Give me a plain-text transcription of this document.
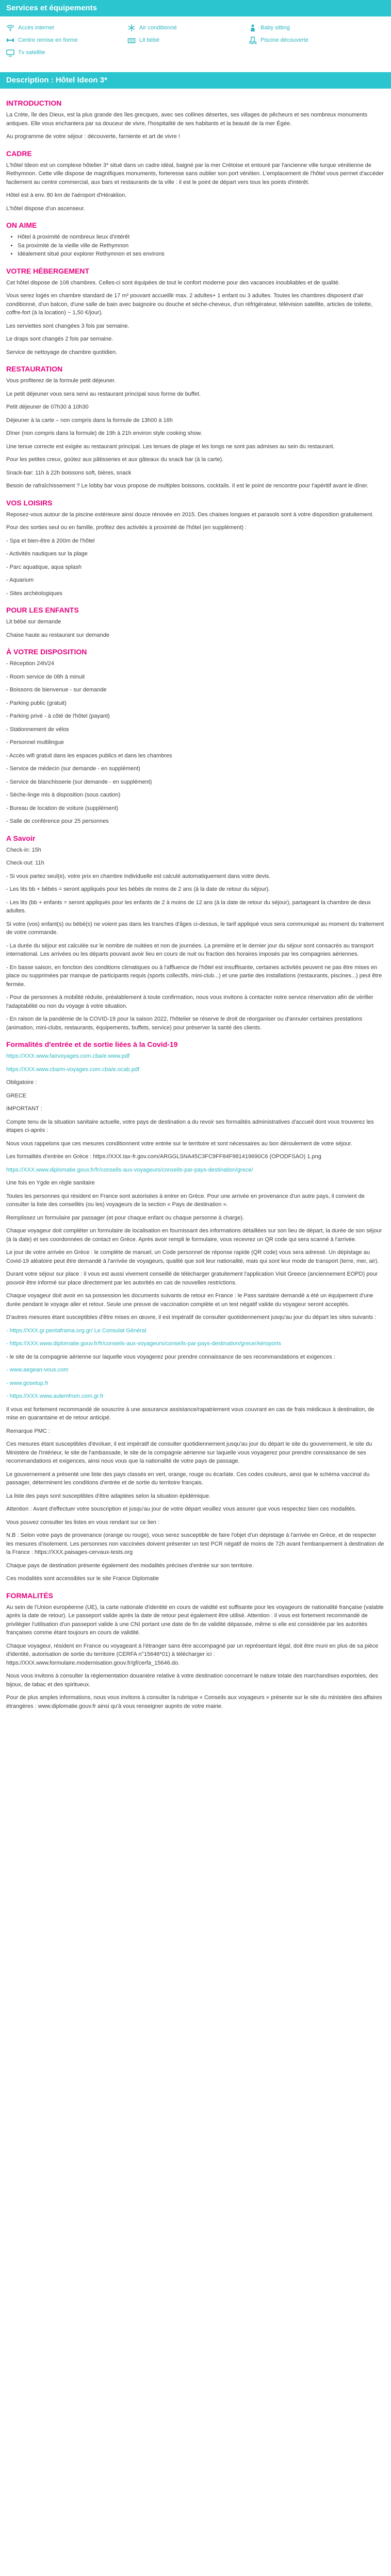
Services et équipements
Accès internet	Air conditionné	Baby sitting
Centre remise en forme	Lit bébé	Piscine découverte
Tv satellite
Description : Hôtel Ideon 3*
INTRODUCTION

La Crète, île des Dieux, est la plus grande des îles grecques, avec ses collines désertes, ses villages de pêcheurs et ses nombreux monuments antiques. Elle vous enchantera par sa douceur de vivre, l'hospitalité de ses habitants et la beauté de la mer Égée.

Au programme de votre séjour : découverte, farniente et art de vivre !

CADRE

L'hôtel Ideon est un complexe hôtelier 3* situé dans un cadre idéal, baigné par la mer Crétoise et entouré par l'ancienne ville turque vénitienne de Rethymnon. Cette ville dispose de magnifiques monuments, forteresse sans oublier son port vénitien. L'emplacement de l'hôtel vous permet d'accéder facilement au centre commercial, aux bars et restaurants de la ville : il est le point de départ vers tous les points d'intérêt.

Hôtel est à env. 80 km de l'aéroport d'Héraklion.

L'hôtel dispose d'un ascenseur.

ON AIME
• Hôtel à proximité de nombreux lieux d'intérêt
• Sa proximité de la vieille ville de Rethymnon
• Idéalement situé pour explorer Rethymnon et ses environs
VOTRE HÉBERGEMENT

Cet hôtel dispose de 108 chambres. Celles-ci sont équipées de tout le confort moderne pour des vacances inoubliables et de qualité.

Vous serez logés en chambre standard de 17 m² pouvant accueillir max. 2 adultes+ 1 enfant ou 3 adultes. Toutes les chambres disposent d'air conditionné, d'un balcon, d'une salle de bain avec baignoire ou douche et sèche-cheveux, d'un réfrigérateur, télévision satellite, articles de toilette, coffre-fort (à la location) ~ 1,50 €/jour).

Les serviettes sont changées 3 fois par semaine.

Le draps sont changés 2 fois par semaine.

Service de nettoyage de chambre quotidien.

RESTAURATION

Vous profiterez de la formule petit déjeuner.

Le petit déjeuner vous sera servi au restaurant principal sous forme de buffet.

Petit déjeuner de 07h30 à 10h30

Déjeuner à la carte – non compris dans la formule de 13h00 à 16h

Dîner (non compris dans la formule) de 19h à 21h environ style cooking show.

Une tenue correcte est exigée au restaurant principal. Les tenues de plage et les tongs ne sont pas admises au sein du restaurant.

Pour les petites creux, goûtez aux pâtisseries et aux gâteaux du snack bar (à la carte).

Snack-bar: 11h à 22h boissons soft, bières, snack

Besoin de rafraîchissement ? Le lobby bar vous propose de multiples boissons, cocktails. Il est le point de rencontre pour l'apéritif avant le dîner.

VOS LOISIRS

Reposez-vous autour de la piscine extérieure ainsi douce rénovée en 2015. Des chaises longues et parasols sont à votre disposition gratuitement.

Pour des sorties seul ou en famille, profitez des activités à proximité de l'hôtel (en supplément) :

- Spa et bien-être à 200m de l'hôtel

- Activités nautiques sur la plage

- Parc aquatique, aqua splash

- Aquarium

- Sites archéologiques

POUR LES ENFANTS

Lit bébé sur demande

Chaise haute au restaurant sur demande

À VOTRE DISPOSITION

- Réception 24h/24

- Room service de 08h à minuit

- Boissons de bienvenue - sur demande

- Parking public (gratuit)

- Parking privé - à côté de l'hôtel (payant)

- Stationnement de vélos

- Personnel multilingue

- Accès wifi gratuit dans les espaces publics et dans les chambres

- Service de médecin (sur demande - en supplément)

- Service de blanchisserie (sur demande - en supplément)

- Sèche-linge mis à disposition (sous caution)

- Bureau de location de voiture (supplément)

- Salle de conférence pour 25 personnes

A Savoir

Check-in: 15h

Check-out: 11h

- Si vous partez seul(e), votre prix en chambre individuelle est calculé automatiquement dans votre devis.

- Les lits bb + bébés = seront appliqués pour les bébés de moins de 2 ans (à la date de retour du séjour).

- Les lits (bb + enfants = seront appliqués pour les enfants de 2 à moins de 12 ans (à la date de retour du séjour), partageant la chambre de deux adultes.

Si votre (vos) enfant(s) ou bébé(s) ne voient pas dans les tranches d'âges ci-dessus, le tarif appliqué vous sera communiqué au moment du traitement de votre commande.

- La durée du séjour est calculée sur le nombre de nuitées et non de journées. La première et le dernier jour du séjour sont consacrés au transport international. Les arrivées ou les départs pouvant avoir lieu en cours de nuit ou fraction des horaires imposés par les compagnies aériennes.

- En basse saison, en fonction des conditions climatiques ou à l'affluence de l'hôtel est insuffisante, certaines activités peuvent ne pas être mises en place ou supprimées par manque de participants requis (sports collectifs, mini-club...) et une partie des installations (restaurants, piscines...) peut être fermée.

- Pour de personnes à mobilité réduite, préalablement à toute confirmation, nous vous invitons à contacter notre service réservation afin de vérifier l'adaptabilité ou non du voyage à votre situation.

- En raison de la pandémie de la COVID-19 pour la saison 2022, l'hôtelier se réserve le droit de réorganiser ou d'annuler certaines prestations (animation, mini-clubs, restaurants, équipements, buffets, service) pour préserver la santé des clients.

Formalités d'entrée et de sortie liées à la Covid-19

https://XXX.www.fairvoyages.com.cba/e.www.pdf

https://XXX.www.cba/m-voyages.com.cba/e.ocab.pdf

Obligatoire :

GRECE

IMPORTANT :

Compte tenu de la situation sanitaire actuelle, votre pays de destination a du revoir ses formalités administratives d'accueil dont vous trouverez les étapes ci-après :

Nous vous rappelons que ces mesures conditionnent votre entrée sur le territoire et sont nécessaires au bon déroulement de votre séjour.

Les formalités d'entrée en Grèce : https://XXX.tax-fr.gov.com/ARGGLSNA45C3FC9FF84F981419690C6 (OPODFSAO) 1.png

https://XXX.www.diplomatie.gouv.fr/fr/conseils-aux-voyageurs/conseils-par-pays-destination/grece/

Une fois en Ygde en règle sanitaire

Toutes les personnes qui résident en France sont autorisées à entrer en Grèce. Pour une arrivée en provenance d'un autre pays, il convient de consulter la liste des conseillés (ou les) voyageurs de la section « Pays de destination ».

Remplissez un formulaire par passager (et pour chaque enfant ou chaque personne à charge).

Chaque voyageur doit compléter un formulaire de localisation en fournissant des informations détaillées sur son lieu de départ, la durée de son séjour (à la date) et ses coordonnées de contact en Grèce. Après avoir rempli le formulaire, vous recevrez un QR code qui sera scanné à l'arrivée.

Le jour de votre arrivée en Grèce : le complète de manuel, un Code personnel de réponse rapide (QR code) vous sera adressé. Un dépistage au Covid-19 aléatoire peut être demandé à l'arrivée de voyageurs, qualité que soit leur nationalité, mais qui sont leur mode de transport (terre, mer, air).

Durant votre séjour sur place : il vous est aussi vivement conseillé de télécharger gratuitement l'application Visit Greece (anciennement EOPD) pour pouvoir être informé sur place directement par les autorités en cas de nouvelles restrictions.

Chaque voyageur doit avoir en sa possession les documents suivants de retour en France : le Pass sanitaire demandé a été un équipement d'une durée pendant le voyage aller et retour. Seule une preuve de vaccination complète et un test négatif valide du voyageur seront acceptés.

D'autres mesures étant susceptibles d'être mises en œuvre, il est impératif de consulter quotidiennement jusqu'au jour du départ les sites suivants :

- https://XXX.gr.pentaframa.org.gr/ Le Consulat Général

- https://XXX.www.diplomatie.gouv.fr/fr/conseils-aux-voyageurs/conseils-par-pays-destination/grece/Aéroports

- le site de la compagnie aérienne sur laquelle vous voyagerez pour prendre connaissance de ses recommandations et exigences :

- www.aegean-vous.com

- www.gosetup.fr

- https://XXX.www.aulemfrom.com.gr.fr

Il vous est fortement recommandé de souscrire à une assurance assistance/rapatriement vous couvrant en cas de frais médicaux à destination, de mise en quarantaine et de retour anticipé.

Remarque PMC :

Ces mesures étant susceptibles d'évoluer, il est impératif de consulter quotidiennement jusqu'au jour du départ le site du gouvernement, le site du Ministère de l'Intérieur, le site de l'ambassade, le site de la compagnie aérienne sur laquelle vous voyagerez pour prendre connaissance de ses recommandations et exigences, ainsi nous vous que la nationalité de votre pays de passage.

Le gouvernement a présenté une liste des pays classés en vert, orange, rouge ou écarlate. Ces codes couleurs, ainsi que le schéma vaccinal du passager, déterminent les conditions d'entrée et de sortie du territoire français.

La liste des pays sont susceptibles d'être adaptées selon la situation épidémique.

Attention : Avant d'effectuer votre souscription et jusqu'au jour de votre départ veuillez vous assurer que vous respectez bien ces modalités.

Vous pouvez consulter les listes en vous rendant sur ce lien :

N.B : Selon votre pays de provenance (orange ou rouge), vous serez susceptible de faire l'objet d'un dépistage à l'arrivée en Grèce, et de respecter les mesures d'isolement. Les personnes non vaccinées doivent présenter un test PCR négatif de moins de 72h avant l'embarquement à destination de la France : https://XXX.paisages-cervaux-tests.org

Chaque pays de destination présente également des modalités précises d'entrée sur son territoire.

Ces modalités sont accessibles sur le site France Diplomatie

FORMALITÉS

Au sein de l'Union européenne (UE), la carte nationale d'identité en cours de validité est suffisante pour les voyageurs de nationalité française (valable après la date de retour). Le passeport valide après la date de retour peut également être utilisé. Attention : il vous est fortement recommandé de privilégier l'utilisation d'un passeport valide à une CNI portant une date de fin de validité dépassée, même si elle est considérée par les autorités françaises comme étant toujours en cours de validité.

Chaque voyageur, résident en France ou voyageant à l'étranger sans être accompagné par un représentant légal, doit être muni en plus de sa pièce d'identité, autorisation de sortie du territoire (CERFA n°15646*01) à télécharger ici : https://XXX.www.formulaire.modernisation.gouv.fr/gf/cerfa_15646.do.

Nous vous invitons à consulter la réglementation douanière relative à votre destination concernant le nature totale des marchandises exportées, des bijoux, de tabac et des spiritueux.

Pour de plus amples informations, nous vous invitons à consulter la rubrique « Conseils aux voyageurs » présente sur le site du ministère des affaires étrangères : www.diplomatie.gouv.fr ainsi qu'à vous renseigner auprès de votre mairie.
